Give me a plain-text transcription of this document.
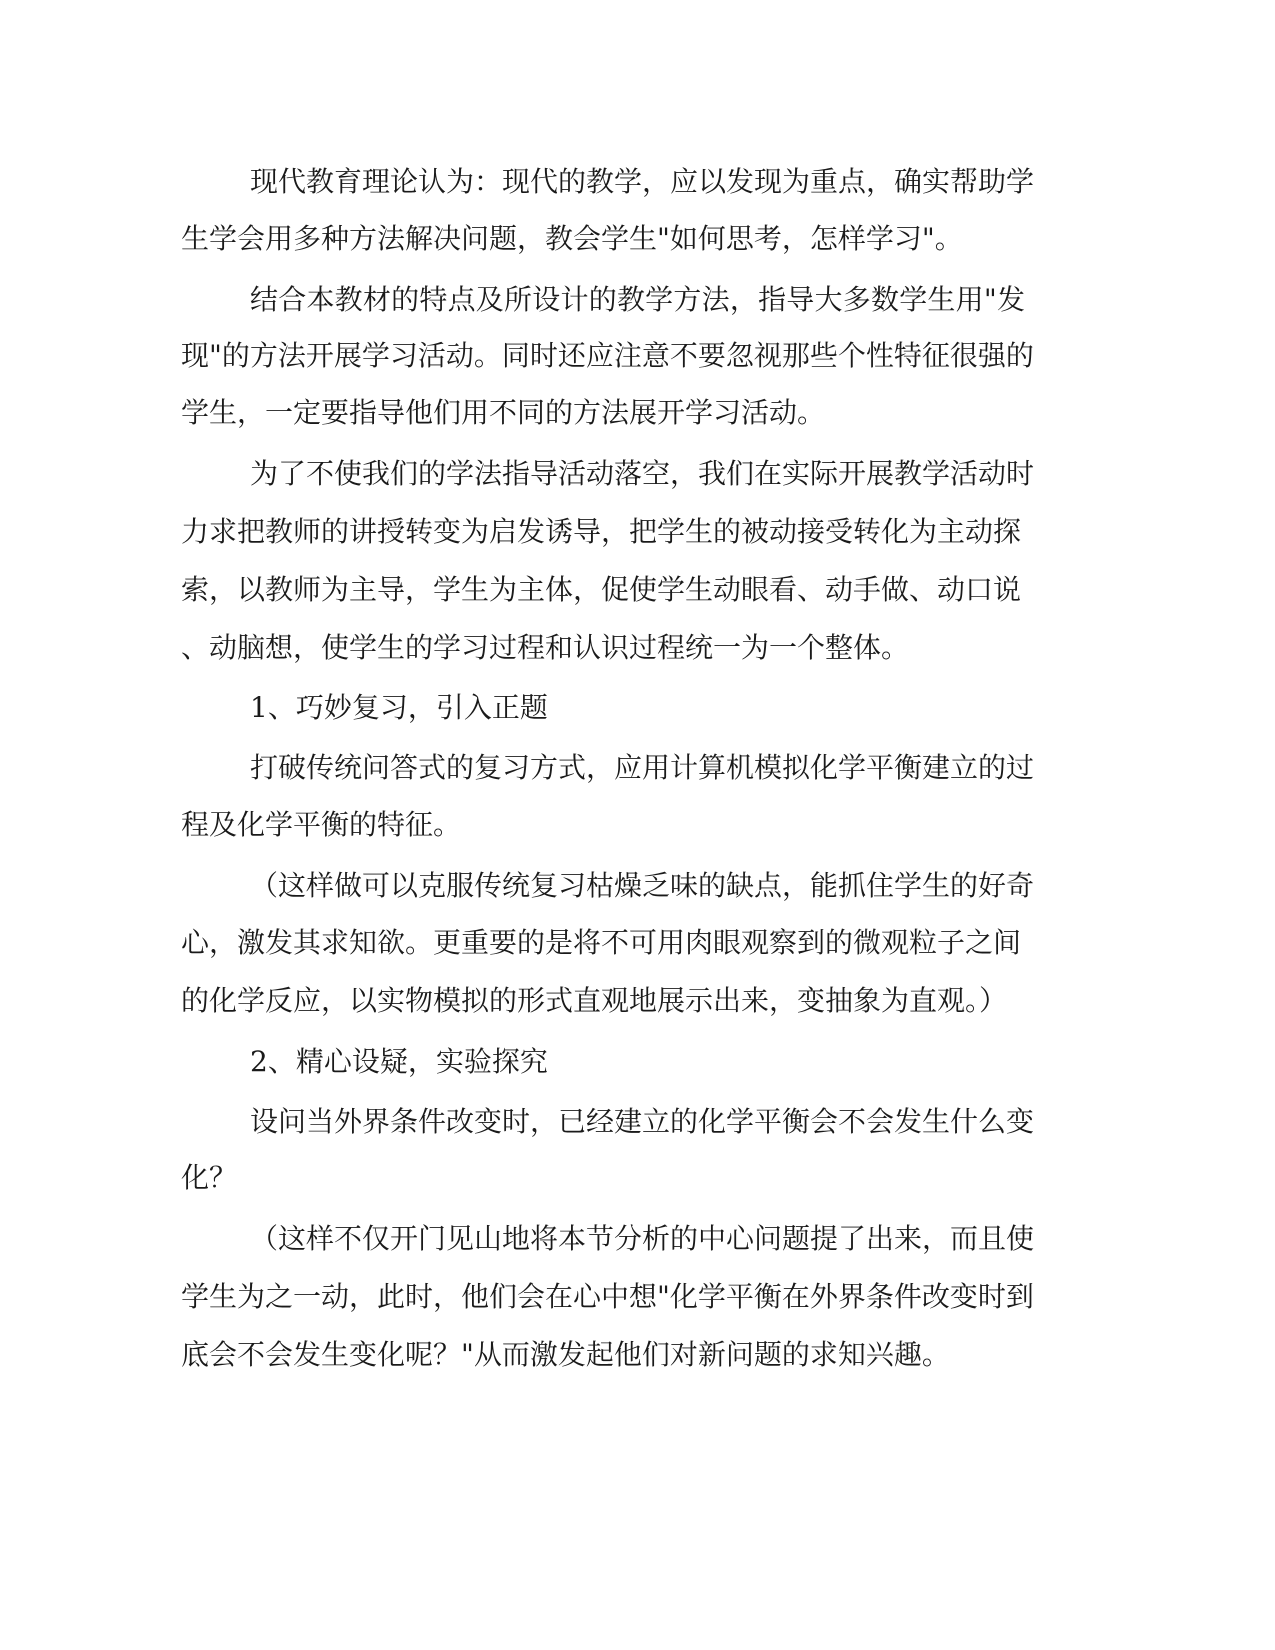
现代教育理论认为：现代的教学，应以发现为重点，确实帮助学
生学会用多种方法解决问题，教会学生"如何思考，怎样学习"。
结合本教材的特点及所设计的教学方法，指导大多数学生用"发
现"的方法开展学习活动。同时还应注意不要忽视那些个性特征很强的
学生，一定要指导他们用不同的方法展开学习活动。
为了不使我们的学法指导活动落空，我们在实际开展教学活动时
力求把教师的讲授转变为启发诱导，把学生的被动接受转化为主动探
索，以教师为主导，学生为主体，促使学生动眼看、动手做、动口说
、动脑想，使学生的学习过程和认识过程统一为一个整体。
1、巧妙复习，引入正题
打破传统问答式的复习方式，应用计算机模拟化学平衡建立的过
程及化学平衡的特征。
（这样做可以克服传统复习枯燥乏味的缺点，能抓住学生的好奇
心，激发其求知欲。更重要的是将不可用肉眼观察到的微观粒子之间
的化学反应，以实物模拟的形式直观地展示出来，变抽象为直观。）
2、精心设疑，实验探究
设问当外界条件改变时，已经建立的化学平衡会不会发生什么变
化？
（这样不仅开门见山地将本节分析的中心问题提了出来，而且使
学生为之一动，此时，他们会在心中想"化学平衡在外界条件改变时到
底会不会发生变化呢？"从而激发起他们对新问题的求知兴趣。
